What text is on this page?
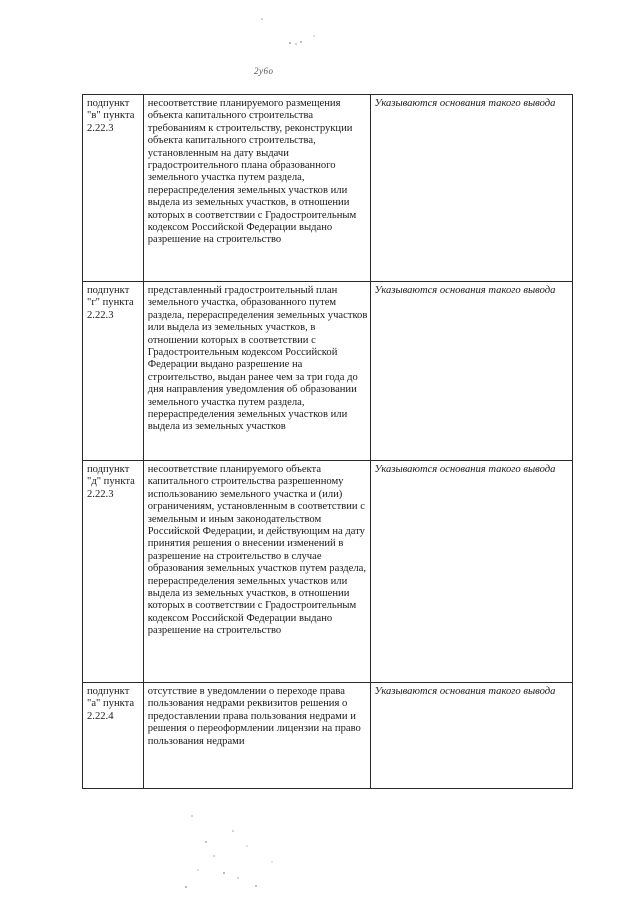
2у6о
подпункт "в" пункта 2.22.3	несоответствие планируемого размещения объекта капитального строительства требованиям к строительству, реконструкции объекта капитального строительства, установленным на дату выдачи градостроительного плана образованного земельного участка путем раздела, перераспределения земельных участков или выдела из земельных участков, в отношении которых в соответствии с Градостроительным кодексом Российской Федерации выдано разрешение на строительство	Указываются основания такого вывода
подпункт "г" пункта 2.22.3	представленный градостроительный план земельного участка, образованного путем раздела, перераспределения земельных участков или выдела из земельных участков, в отношении которых в соответствии с Градостроительным кодексом Российской Федерации выдано разрешение на строительство, выдан ранее чем за три года до дня направления уведомления об образовании земельного участка путем раздела, перераспределения земельных участков или выдела из земельных участков	Указываются основания такого вывода
подпункт "д" пункта 2.22.3	несоответствие планируемого объекта капитального строительства разрешенному использованию земельного участка и (или) ограничениям, установленным в соответствии с земельным и иным законодательством Российской Федерации, и действующим на дату принятия решения о внесении изменений в разрешение на строительство в случае образования земельных участков путем раздела, перераспределения земельных участков или выдела из земельных участков, в отношении которых в соответствии с Градостроительным кодексом Российской Федерации выдано разрешение на строительство	Указываются основания такого вывода
подпункт "а" пункта 2.22.4	отсутствие в уведомлении о переходе права пользования недрами реквизитов решения о предоставлении права пользования недрами и решения о переоформлении лицензии на право пользования недрами	Указываются основания такого вывода
